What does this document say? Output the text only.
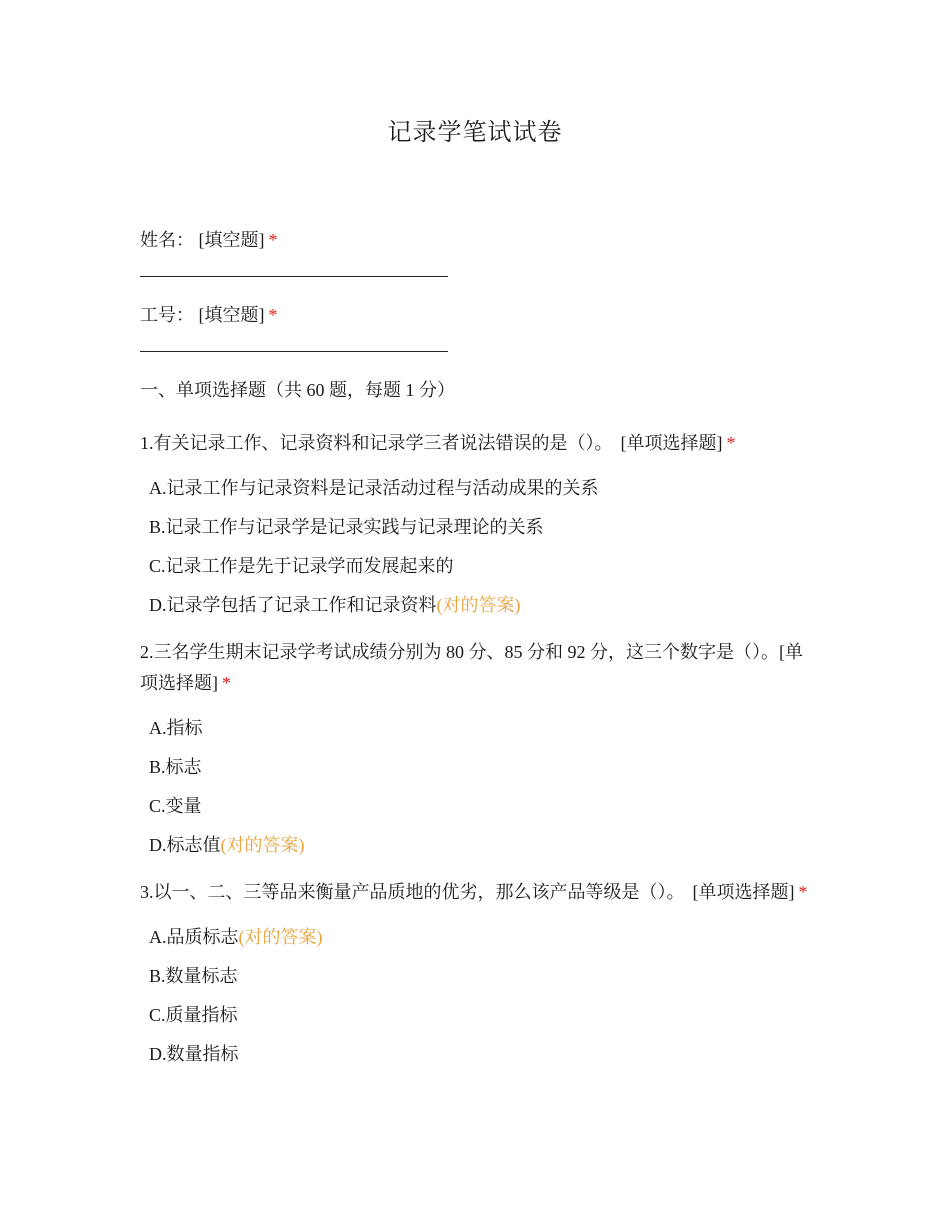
记录学笔试试卷
姓名： [填空题] *
工号： [填空题] *
一、单项选择题（共 60 题，每题 1 分）
1.有关记录工作、记录资料和记录学三者说法错误的是（）。 [单项选择题] *
A.记录工作与记录资料是记录活动过程与活动成果的关系
B.记录工作与记录学是记录实践与记录理论的关系
C.记录工作是先于记录学而发展起来的
D.记录学包括了记录工作和记录资料(对的答案)
2.三名学生期末记录学考试成绩分别为 80 分、85 分和 92 分，这三个数字是（）。[单项选择题] *
A.指标
B.标志
C.变量
D.标志值(对的答案)
3.以一、二、三等品来衡量产品质地的优劣，那么该产品等级是（）。 [单项选择题] *
A.品质标志(对的答案)
B.数量标志
C.质量指标
D.数量指标
